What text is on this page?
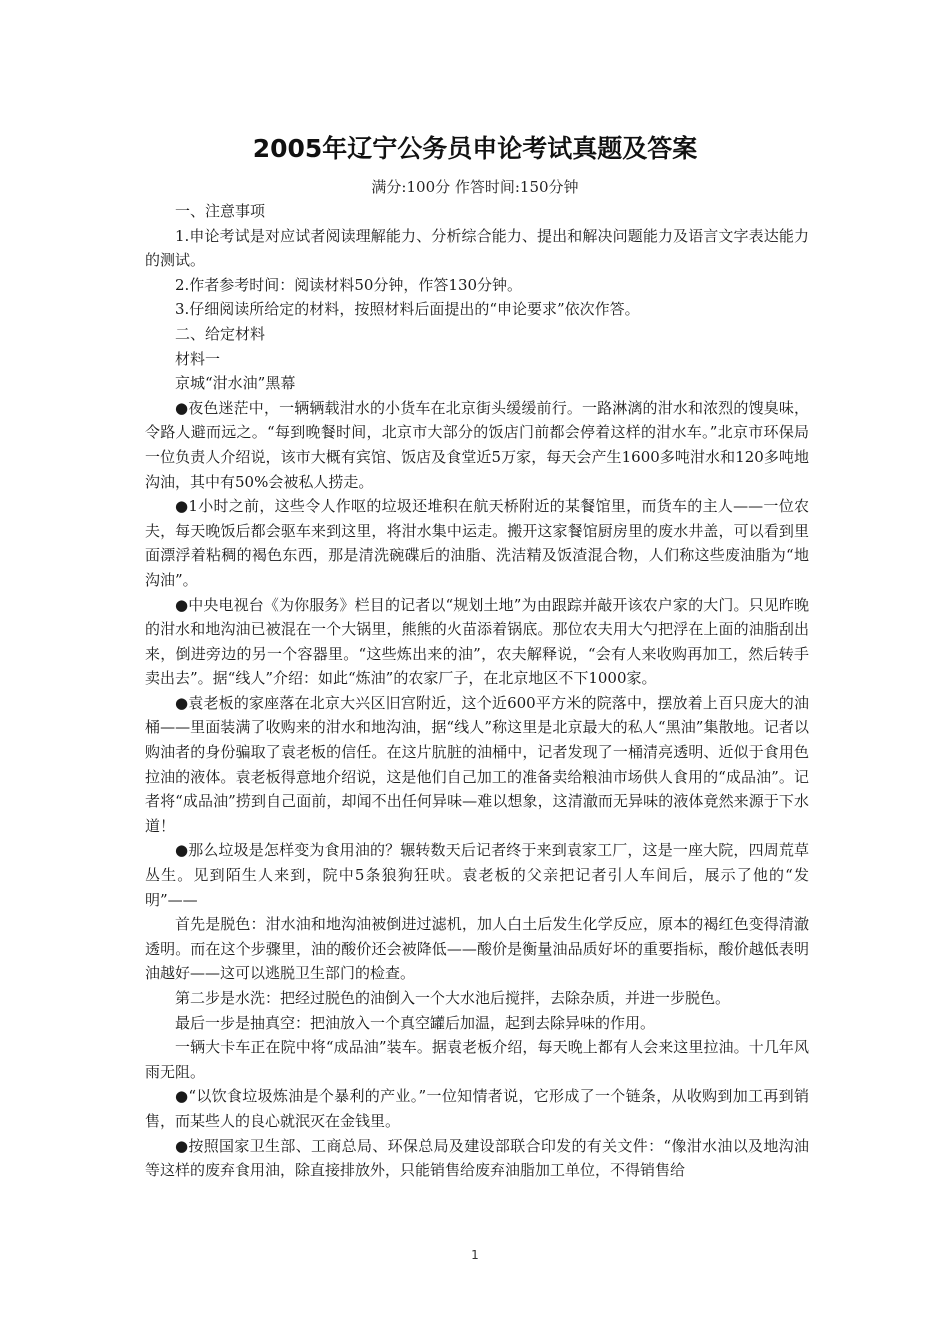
2005年辽宁公务员申论考试真题及答案
满分:100分 作答时间:150分钟

一、注意事项

1.申论考试是对应试者阅读理解能力、分析综合能力、提出和解决问题能力及语言文字表达能力的测试。

2.作者参考时间：阅读材料50分钟，作答130分钟。

3.仔细阅读所给定的材料，按照材料后面提出的“申论要求”依次作答。

二、给定材料

材料一

京城“泔水油”黑幕

●夜色迷茫中，一辆辆载泔水的小货车在北京街头缓缓前行。一路淋漓的泔水和浓烈的馊臭味，令路人避而远之。“每到晚餐时间，北京市大部分的饭店门前都会停着这样的泔水车。”北京市环保局一位负责人介绍说，该市大概有宾馆、饭店及食堂近5万家，每天会产生1600多吨泔水和120多吨地沟油，其中有50%会被私人捞走。

●1小时之前，这些令人作呕的垃圾还堆积在航天桥附近的某餐馆里，而货车的主人——一位农夫，每天晚饭后都会驱车来到这里，将泔水集中运走。搬开这家餐馆厨房里的废水井盖，可以看到里面漂浮着粘稠的褐色东西，那是清洗碗碟后的油脂、洗洁精及饭渣混合物，人们称这些废油脂为“地沟油”。

●中央电视台《为你服务》栏目的记者以“规划土地”为由跟踪并敲开该农户家的大门。只见昨晚的泔水和地沟油已被混在一个大锅里，熊熊的火苗添着锅底。那位农夫用大勺把浮在上面的油脂刮出来，倒进旁边的另一个容器里。“这些炼出来的油”，农夫解释说，“会有人来收购再加工，然后转手卖出去”。据“线人”介绍：如此“炼油”的农家厂子，在北京地区不下1000家。

●袁老板的家座落在北京大兴区旧宫附近，这个近600平方米的院落中，摆放着上百只庞大的油桶——里面装满了收购来的泔水和地沟油，据“线人”称这里是北京最大的私人“黑油”集散地。记者以购油者的身份骗取了袁老板的信任。在这片肮脏的油桶中，记者发现了一桶清亮透明、近似于食用色拉油的液体。袁老板得意地介绍说，这是他们自己加工的准备卖给粮油市场供人食用的“成品油”。记者将“成品油”捞到自己面前，却闻不出任何异味—难以想象，这清澈而无异味的液体竟然来源于下水道！

●那么垃圾是怎样变为食用油的？辗转数天后记者终于来到袁家工厂，这是一座大院，四周荒草丛生。见到陌生人来到，院中5条狼狗狂吠。袁老板的父亲把记者引人车间后，展示了他的“发明”——

首先是脱色：泔水油和地沟油被倒进过滤机，加人白土后发生化学反应，原本的褐红色变得清澈透明。而在这个步骤里，油的酸价还会被降低——酸价是衡量油品质好坏的重要指标，酸价越低表明油越好——这可以逃脱卫生部门的检查。

第二步是水洗：把经过脱色的油倒入一个大水池后搅拌，去除杂质，并进一步脱色。

最后一步是抽真空：把油放入一个真空罐后加温，起到去除异味的作用。

一辆大卡车正在院中将“成品油”装车。据袁老板介绍，每天晚上都有人会来这里拉油。十几年风雨无阻。

●“以饮食垃圾炼油是个暴利的产业。”一位知情者说，它形成了一个链条，从收购到加工再到销售，而某些人的良心就泯灭在金钱里。

●按照国家卫生部、工商总局、环保总局及建设部联合印发的有关文件：“像泔水油以及地沟油等这样的废弃食用油，除直接排放外，只能销售给废弃油脂加工单位，不得销售给

1
